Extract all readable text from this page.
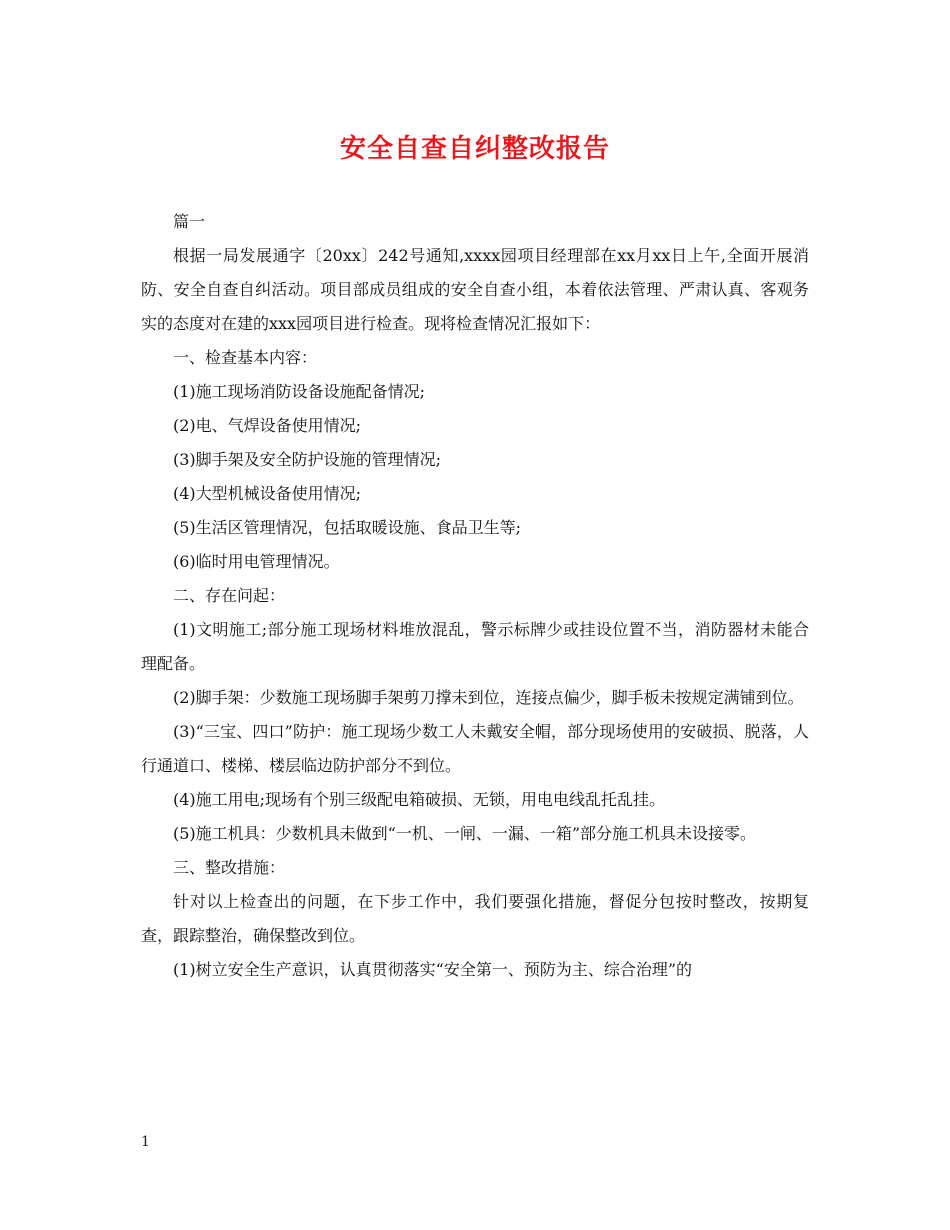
安全自查自纠整改报告

篇一

根据一局发展通字〔20xx〕242号通知,xxxx园项目经理部在xx月xx日上午,全面开展消防、安全自查自纠活动。项目部成员组成的安全自查小组，本着依法管理、严肃认真、客观务实的态度对在建的xxx园项目进行检查。现将检查情况汇报如下：

一、检查基本内容：

(1)施工现场消防设备设施配备情况;

(2)电、气焊设备使用情况;

(3)脚手架及安全防护设施的管理情况;

(4)大型机械设备使用情况;

(5)生活区管理情况，包括取暖设施、食品卫生等;

(6)临时用电管理情况。

二、存在问起：

(1)文明施工;部分施工现场材料堆放混乱，警示标牌少或挂设位置不当，消防器材未能合理配备。

(2)脚手架：少数施工现场脚手架剪刀撑未到位，连接点偏少，脚手板未按规定满铺到位。

(3)“三宝、四口”防护：施工现场少数工人未戴安全帽，部分现场使用的安破损、脱落，人行通道口、楼梯、楼层临边防护部分不到位。

(4)施工用电;现场有个别三级配电箱破损、无锁，用电电线乱托乱挂。

(5)施工机具：少数机具未做到“一机、一闸、一漏、一箱”部分施工机具未设接零。

三、整改措施：

针对以上检查出的问题，在下步工作中，我们要强化措施，督促分包按时整改，按期复查，跟踪整治，确保整改到位。

(1)树立安全生产意识，认真贯彻落实“安全第一、预防为主、综合治理”的

1
